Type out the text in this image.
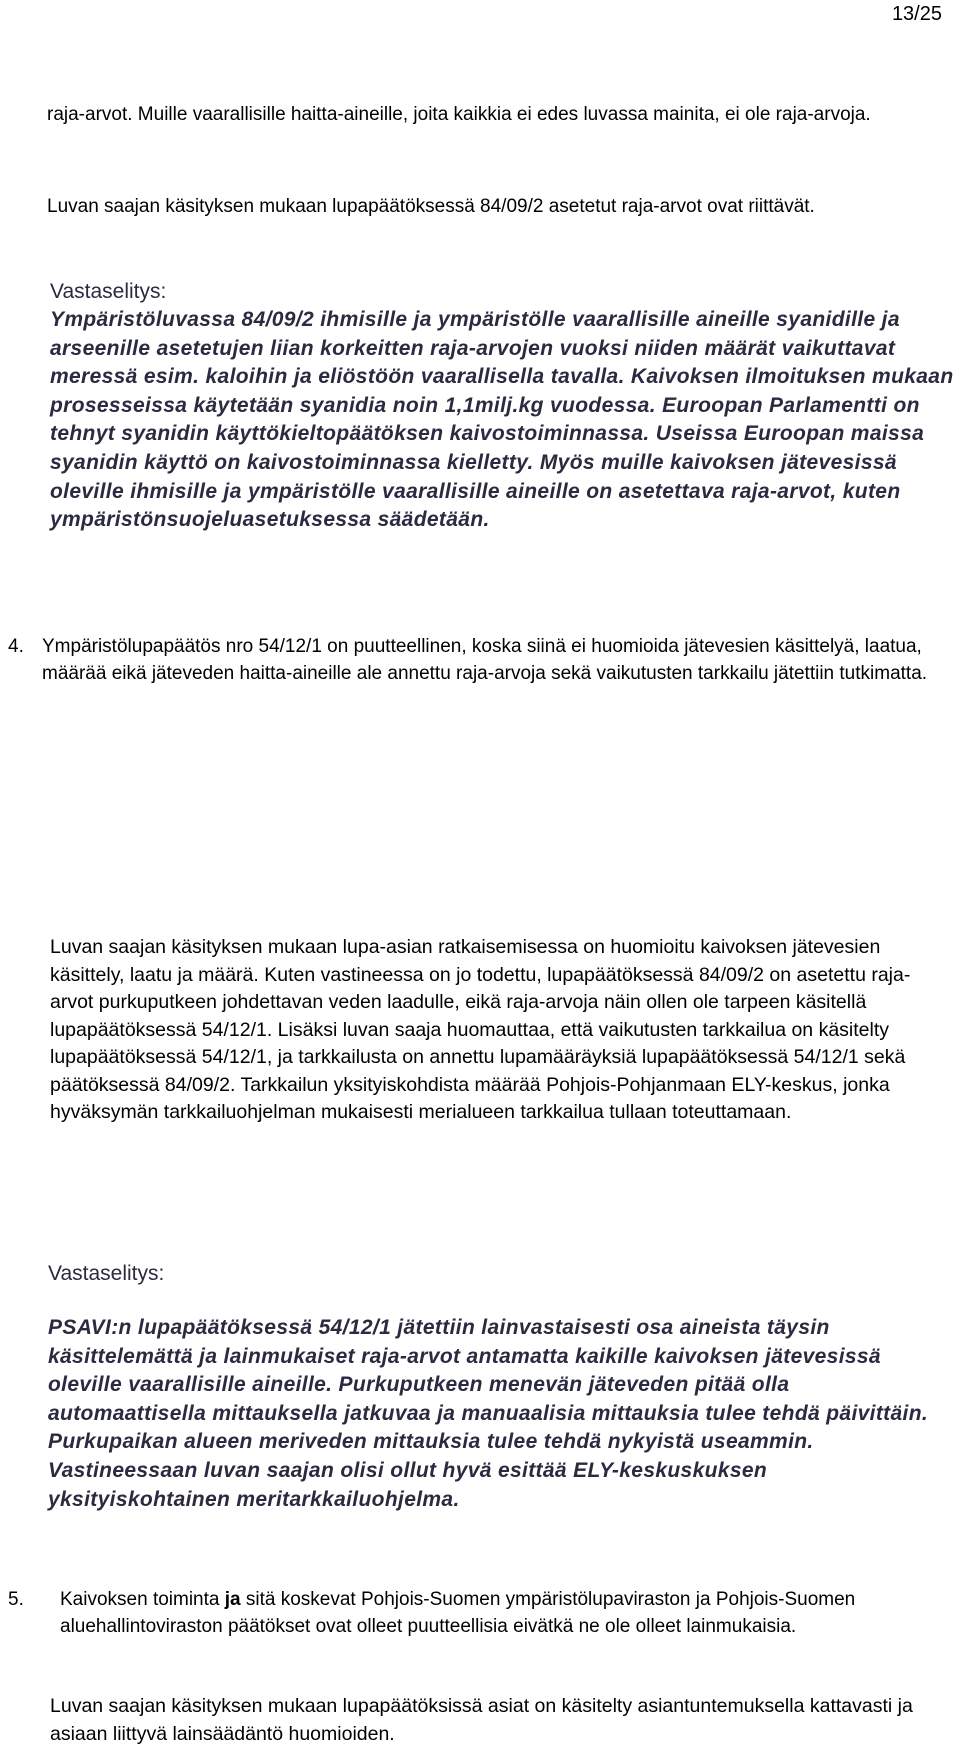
13/25

raja-arvot. Muille vaarallisille haitta-aineille, joita kaikkia ei edes luvassa mainita, ei ole raja-arvoja.

Luvan saajan käsityksen mukaan lupapäätöksessä 84/09/2 asetetut raja-arvot ovat riittävät.

Vastaselitys:

Ympäristöluvassa 84/09/2 ihmisille ja ympäristölle vaarallisille aineille syanidille ja arseenille asetetujen liian korkeitten raja-arvojen vuoksi niiden määrät vaikuttavat meressä esim. kaloihin ja eliöstöön vaarallisella tavalla. Kaivoksen ilmoituksen mukaan prosesseissa käytetään syanidia noin 1,1milj.kg vuodessa. Euroopan Parlamentti on tehnyt syanidin käyttökieltopäätöksen kaivostoiminnassa. Useissa Euroopan maissa syanidin käyttö on kaivostoiminnassa kielletty. Myös muille kaivoksen jätevesissä oleville ihmisille ja ympäristölle vaarallisille aineille on asetettava raja-arvot, kuten ympäristönsuojeluasetuksessa säädetään.

4. Ympäristölupapäätös nro 54/12/1 on puutteellinen, koska siinä ei huomioida jätevesien käsittelyä, laatua, määrää eikä jäteveden haitta-aineille ale annettu raja-arvoja sekä vaikutusten tarkkailu jätettiin tutkimatta.

Luvan saajan käsityksen mukaan lupa-asian ratkaisemisessa on huomioitu kaivoksen jätevesien käsittely, laatu ja määrä. Kuten vastineessa on jo todettu, lupapäätöksessä 84/09/2 on asetettu raja-arvot purkuputkeen johdettavan veden laadulle, eikä raja-arvoja näin ollen ole tarpeen käsitellä lupapäätöksessä 54/12/1. Lisäksi luvan saaja huomauttaa, että vaikutusten tarkkailua on käsitelty lupapäätöksessä 54/12/1, ja tarkkailusta on annettu lupamääräyksiä lupapäätöksessä 54/12/1 sekä päätöksessä 84/09/2. Tarkkailun yksityiskohdista määrää Pohjois-Pohjanmaan ELY-keskus, jonka hyväksymän tarkkailuohjelman mukaisesti merialueen tarkkailua tullaan toteuttamaan.

Vastaselitys:

PSAVI:n lupapäätöksessä 54/12/1 jätettiin lainvastaisesti osa aineista täysin käsittelemättä ja lainmukaiset raja-arvot antamatta kaikille kaivoksen jätevesissä oleville vaarallisille aineille. Purkuputkeen menevän jäteveden pitää olla automaattisella mittauksella jatkuvaa ja manuaalisia mittauksia tulee tehdä päivittäin. Purkupaikan alueen meriveden mittauksia tulee tehdä nykyistä useammin. Vastineessaan luvan saajan olisi ollut hyvä esittää ELY-keskuskuksen yksityiskohtainen meritarkkailuohjelma.

5. Kaivoksen toiminta ja sitä koskevat Pohjois-Suomen ympäristölupaviraston ja Pohjois-Suomen aluehallintoviraston päätökset ovat olleet puutteellisia eivätkä ne ole olleet lainmukaisia.

Luvan saajan käsityksen mukaan lupapäätöksissä asiat on käsitelty asiantuntemuksella kattavasti ja asiaan liittyvä lainsäädäntö huomioiden.
